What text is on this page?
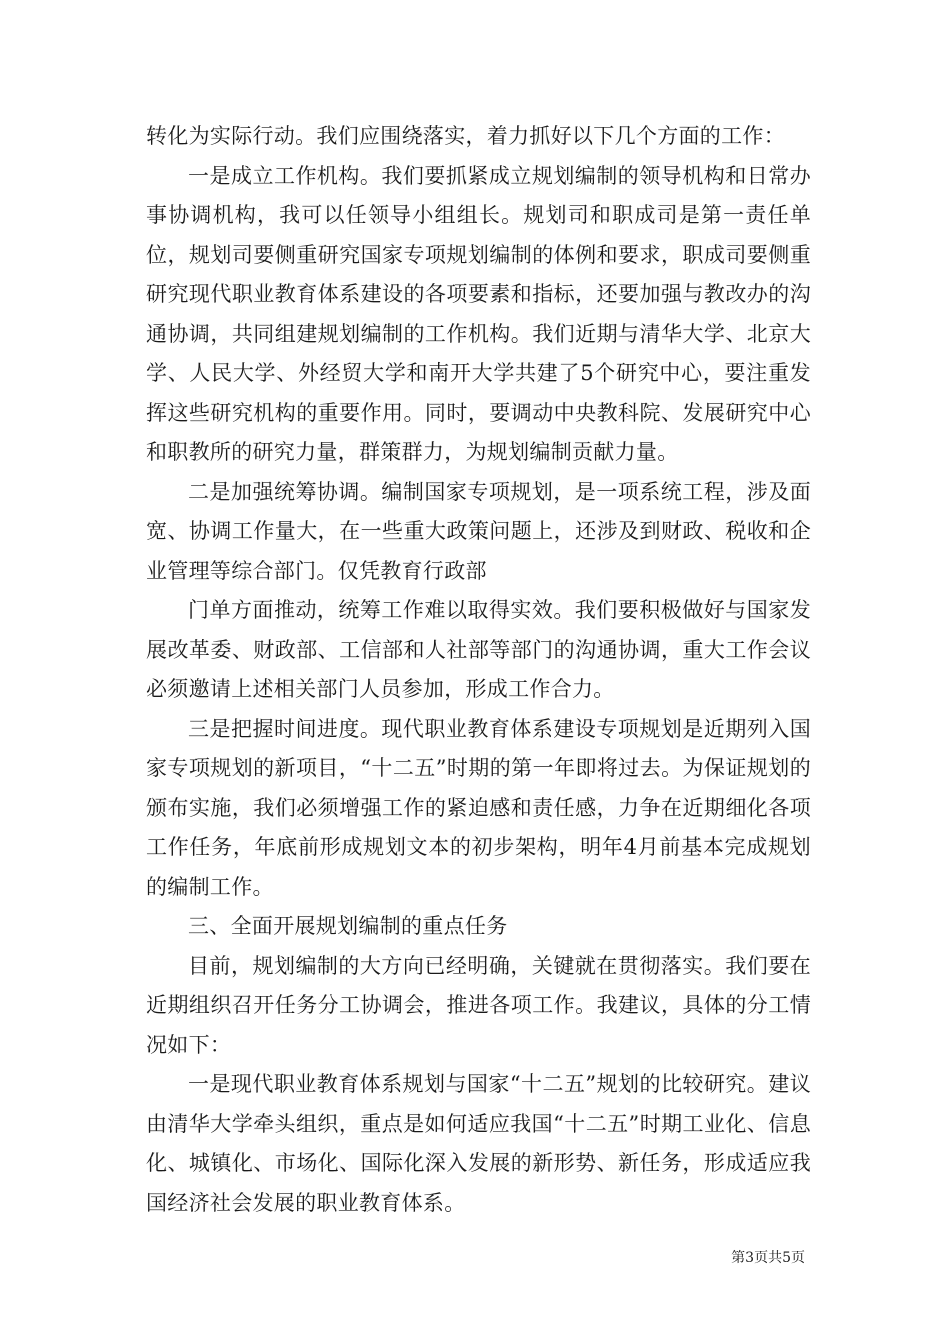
转化为实际行动。我们应围绕落实，着力抓好以下几个方面的工作：

一是成立工作机构。我们要抓紧成立规划编制的领导机构和日常办事协调机构，我可以任领导小组组长。规划司和职成司是第一责任单位，规划司要侧重研究国家专项规划编制的体例和要求，职成司要侧重研究现代职业教育体系建设的各项要素和指标，还要加强与教改办的沟通协调，共同组建规划编制的工作机构。我们近期与清华大学、北京大学、人民大学、外经贸大学和南开大学共建了5个研究中心，要注重发挥这些研究机构的重要作用。同时，要调动中央教科院、发展研究中心和职教所的研究力量，群策群力，为规划编制贡献力量。

二是加强统筹协调。编制国家专项规划，是一项系统工程，涉及面宽、协调工作量大，在一些重大政策问题上，还涉及到财政、税收和企业管理等综合部门。仅凭教育行政部

门单方面推动，统筹工作难以取得实效。我们要积极做好与国家发展改革委、财政部、工信部和人社部等部门的沟通协调，重大工作会议必须邀请上述相关部门人员参加，形成工作合力。

三是把握时间进度。现代职业教育体系建设专项规划是近期列入国家专项规划的新项目，“十二五”时期的第一年即将过去。为保证规划的颁布实施，我们必须增强工作的紧迫感和责任感，力争在近期细化各项工作任务，年底前形成规划文本的初步架构，明年4月前基本完成规划的编制工作。

三、全面开展规划编制的重点任务

目前，规划编制的大方向已经明确，关键就在贯彻落实。我们要在近期组织召开任务分工协调会，推进各项工作。我建议，具体的分工情况如下：

一是现代职业教育体系规划与国家“十二五”规划的比较研究。建议由清华大学牵头组织，重点是如何适应我国“十二五”时期工业化、信息化、城镇化、市场化、国际化深入发展的新形势、新任务，形成适应我国经济社会发展的职业教育体系。

第3页共5页
